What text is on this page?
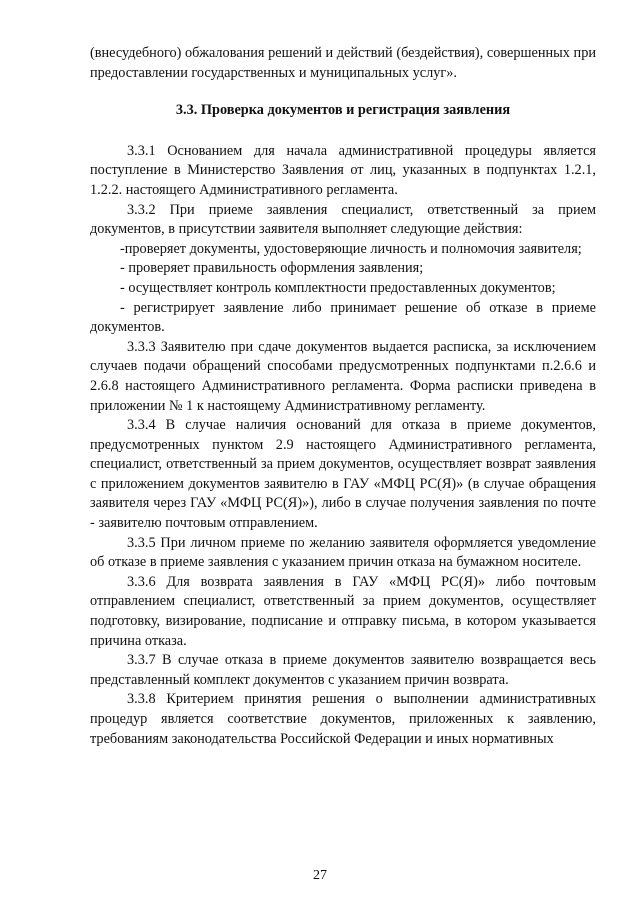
(внесудебного) обжалования решений и действий (бездействия), совершенных при предоставлении государственных и муниципальных услуг».

3.3. Проверка документов и регистрация заявления

3.3.1 Основанием для начала административной процедуры является поступление в Министерство Заявления от лиц, указанных в подпунктах 1.2.1, 1.2.2. настоящего Административного регламента.

3.3.2 При приеме заявления специалист, ответственный за прием документов, в присутствии заявителя выполняет следующие действия:

-проверяет документы, удостоверяющие личность и полномочия заявителя;

- проверяет правильность оформления заявления;

- осуществляет контроль комплектности предоставленных документов;

- регистрирует заявление либо принимает решение об отказе в приеме документов.

3.3.3 Заявителю при сдаче документов выдается расписка, за исключением случаев подачи обращений способами предусмотренных подпунктами п.2.6.6 и 2.6.8 настоящего Административного регламента. Форма расписки приведена в приложении № 1 к настоящему Административному регламенту.

3.3.4 В случае наличия оснований для отказа в приеме документов, предусмотренных пунктом 2.9 настоящего Административного регламента, специалист, ответственный за прием документов, осуществляет возврат заявления с приложением документов заявителю в ГАУ «МФЦ РС(Я)» (в случае обращения заявителя через ГАУ «МФЦ РС(Я)»), либо в случае получения заявления по почте - заявителю почтовым отправлением.

3.3.5 При личном приеме по желанию заявителя оформляется уведомление об отказе в приеме заявления с указанием причин отказа на бумажном носителе.

3.3.6 Для возврата заявления в ГАУ «МФЦ РС(Я)» либо почтовым отправлением специалист, ответственный за прием документов, осуществляет подготовку, визирование, подписание и отправку письма, в котором указывается причина отказа.

3.3.7 В случае отказа в приеме документов заявителю возвращается весь представленный комплект документов с указанием причин возврата.

3.3.8 Критерием принятия решения о выполнении административных процедур является соответствие документов, приложенных к заявлению, требованиям законодательства Российской Федерации и иных нормативных

27
